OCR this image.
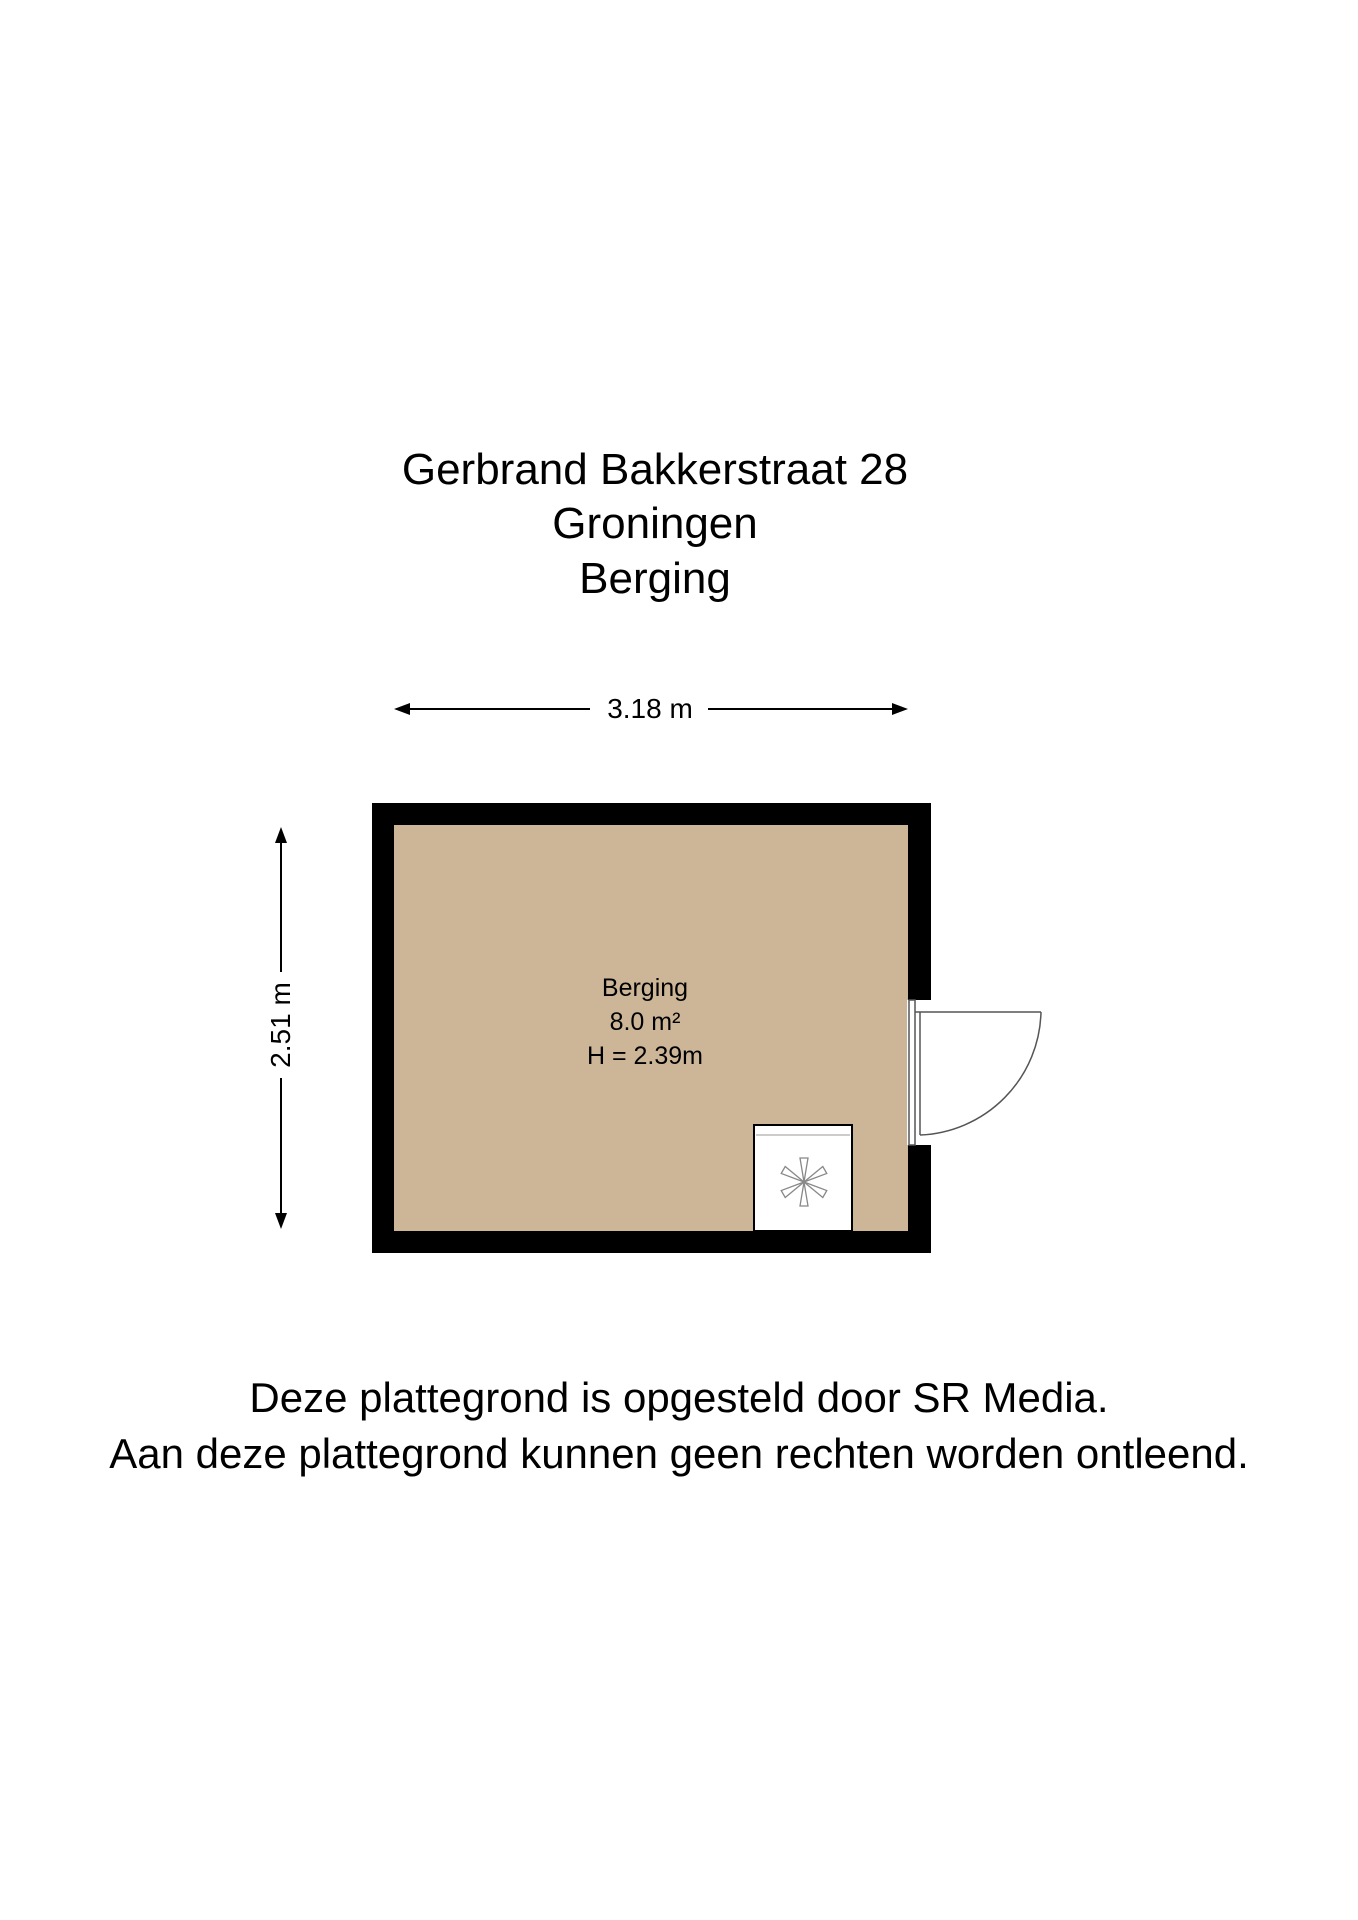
Gerbrand Bakkerstraat 28
Groningen
Berging
3.18 m
2.51 m	Berging
8.0 m²
H = 2.39m
Deze plattegrond is opgesteld door SR Media.
Aan deze plattegrond kunnen geen rechten worden ontleend.
